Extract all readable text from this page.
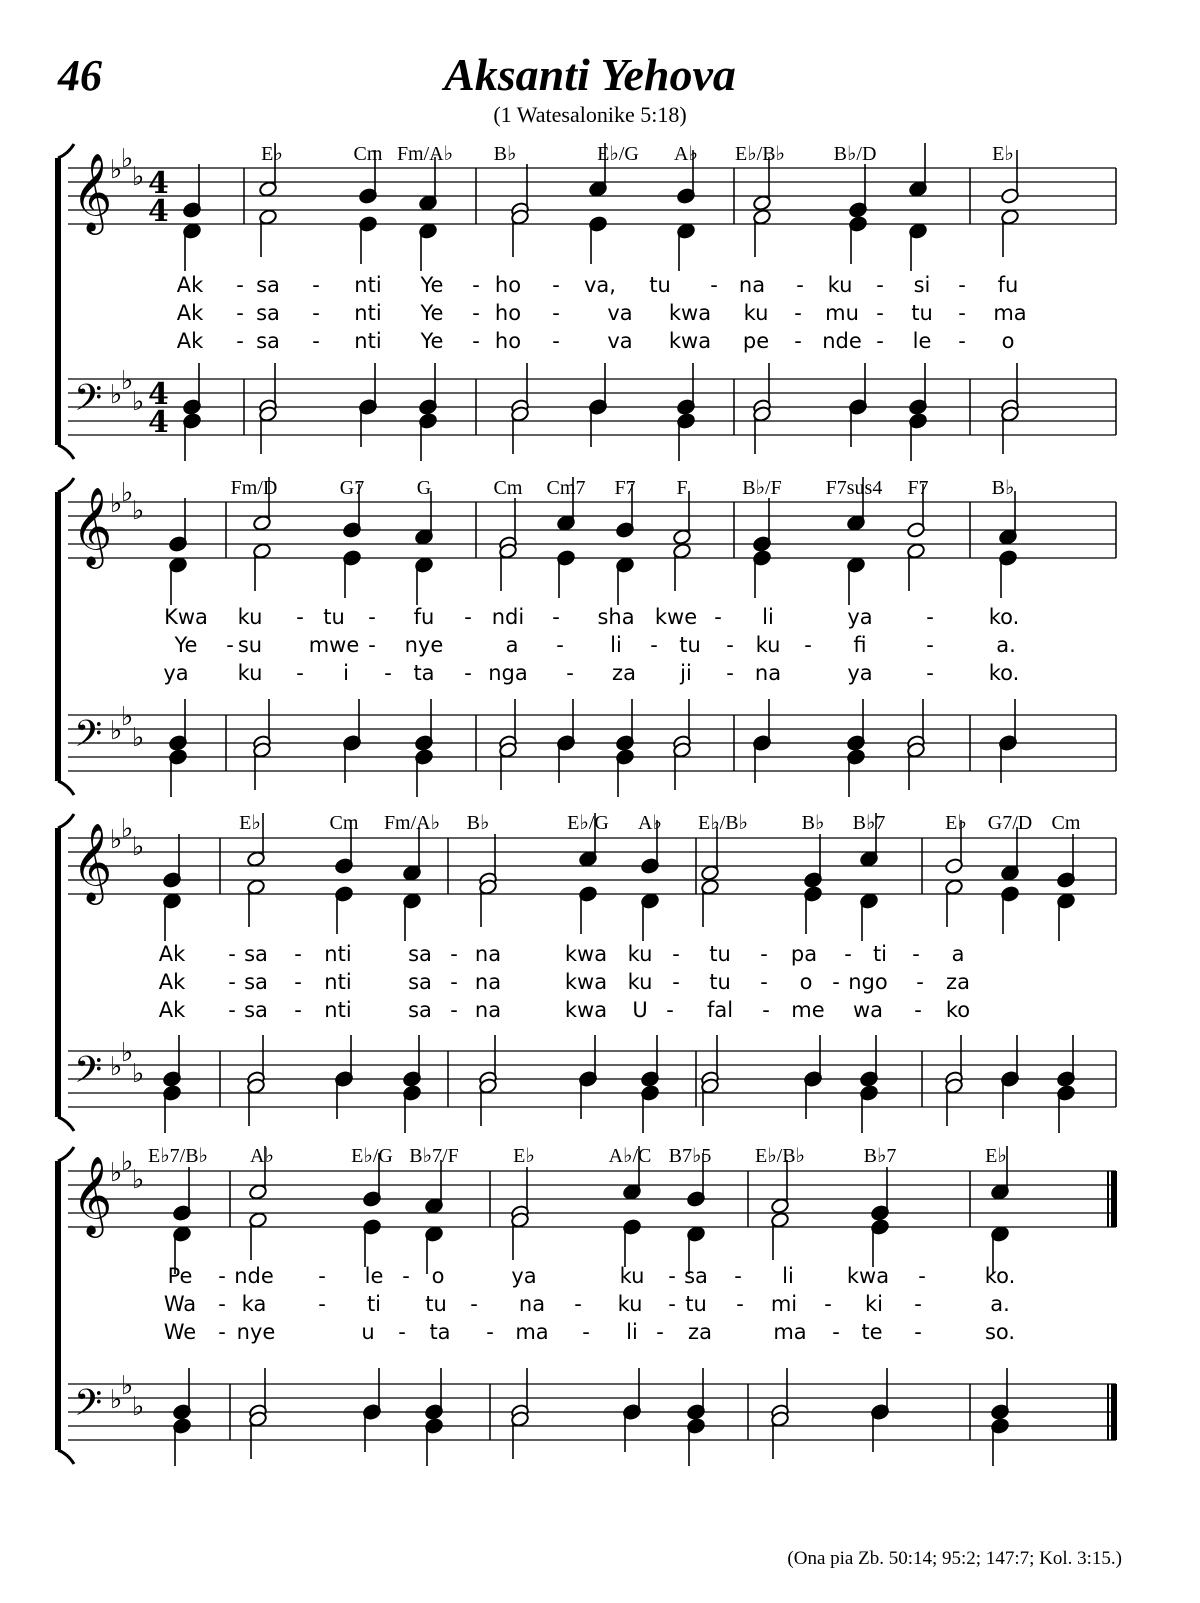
46	Aksanti Yehova
(1 Watesalonike 5:18)
E♭	Cm Fm/A♭ B♭	E♭/G A♭ E♭/B♭ B♭/D	E♭
Ak - sa - nti Ye - ho - va, tu - na - ku - si - fu
Ak - sa - nti Ye - ho - va kwa ku - mu - tu - ma
Ak - sa - nti Ye - ho - va kwa pe - nde - le - o
𝄞
𝄢
♭
♭
♭
♭
♭
♭
4
4
4
4
Fm/D	G7	G	Cm Cm7 F7 F	B♭/F F7sus4 F7	B♭
Kwa ku - tu - fu - ndi - sha kwe - li	ya	-	ko.
Ye - su mwe - nye	a - li - tu - ku - fi	-	a.
ya ku - i - ta - nga - za ji - na	ya	-	ko.
𝄞
𝄢
♭
♭
♭
♭
♭
♭
E♭	Cm Fm/A♭ B♭	E♭/G A♭ E♭/B♭	B♭ B♭7	E♭ G7/D Cm
Ak - sa - nti	sa - na	kwa ku - tu - pa - ti - a
Ak - sa - nti	sa - na	kwa ku - tu - o - ngo - za
Ak - sa - nti	sa - na	kwa U - fal - me wa - ko
𝄞
𝄢
♭
♭
♭
♭
♭
♭
E♭7/B♭ A♭	E♭/G B♭7/F	E♭	A♭/C B7♭5 E♭/B♭	B♭7	E♭
Pe - nde - le - o	ya	ku - sa - li	kwa -	ko.
Wa - ka - ti tu - na - ku - tu - mi - ki -	a.
We - nye	u - ta - ma - li - za	ma - te -	so.
𝄞
𝄢
♭
♭
♭
♭
♭
♭
(Ona pia Zb. 50:14; 95:2; 147:7; Kol. 3:15.)
